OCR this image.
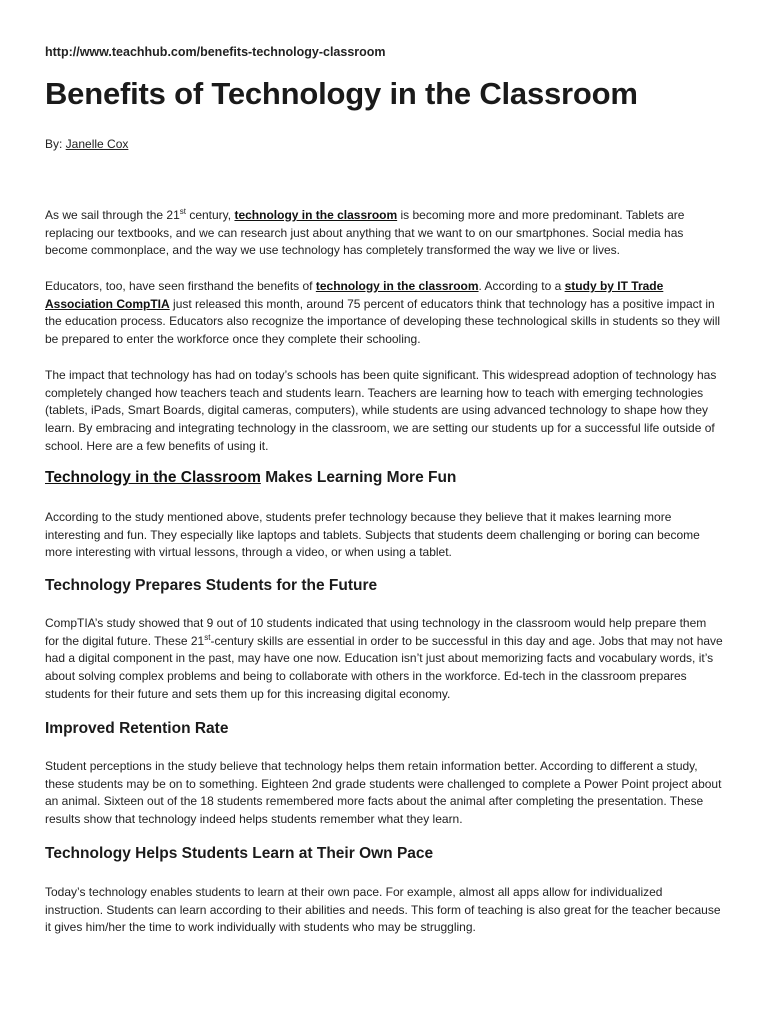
http://www.teachhub.com/benefits-technology-classroom
Benefits of Technology in the Classroom
By: Janelle Cox

As we sail through the 21st century, technology in the classroom is becoming more and more predominant. Tablets are replacing our textbooks, and we can research just about anything that we want to on our smartphones. Social media has become commonplace, and the way we use technology has completely transformed the way we live or lives.

Educators, too, have seen firsthand the benefits of technology in the classroom. According to a study by IT Trade Association CompTIA just released this month, around 75 percent of educators think that technology has a positive impact in the education process. Educators also recognize the importance of developing these technological skills in students so they will be prepared to enter the workforce once they complete their schooling.

The impact that technology has had on today’s schools has been quite significant. This widespread adoption of technology has completely changed how teachers teach and students learn. Teachers are learning how to teach with emerging technologies (tablets, iPads, Smart Boards, digital cameras, computers), while students are using advanced technology to shape how they learn. By embracing and integrating technology in the classroom, we are setting our students up for a successful life outside of school. Here are a few benefits of using it.

Technology in the Classroom Makes Learning More Fun

According to the study mentioned above, students prefer technology because they believe that it makes learning more interesting and fun. They especially like laptops and tablets. Subjects that students deem challenging or boring can become more interesting with virtual lessons, through a video, or when using a tablet.

Technology Prepares Students for the Future

CompTIA’s study showed that 9 out of 10 students indicated that using technology in the classroom would help prepare them for the digital future. These 21st-century skills are essential in order to be successful in this day and age. Jobs that may not have had a digital component in the past, may have one now. Education isn’t just about memorizing facts and vocabulary words, it’s about solving complex problems and being to collaborate with others in the workforce. Ed-tech in the classroom prepares students for their future and sets them up for this increasing digital economy.

Improved Retention Rate

Student perceptions in the study believe that technology helps them retain information better. According to different a study, these students may be on to something. Eighteen 2nd grade students were challenged to complete a Power Point project about an animal. Sixteen out of the 18 students remembered more facts about the animal after completing the presentation. These results show that technology indeed helps students remember what they learn.

Technology Helps Students Learn at Their Own Pace

Today’s technology enables students to learn at their own pace. For example, almost all apps allow for individualized instruction. Students can learn according to their abilities and needs. This form of teaching is also great for the teacher because it gives him/her the time to work individually with students who may be struggling.
